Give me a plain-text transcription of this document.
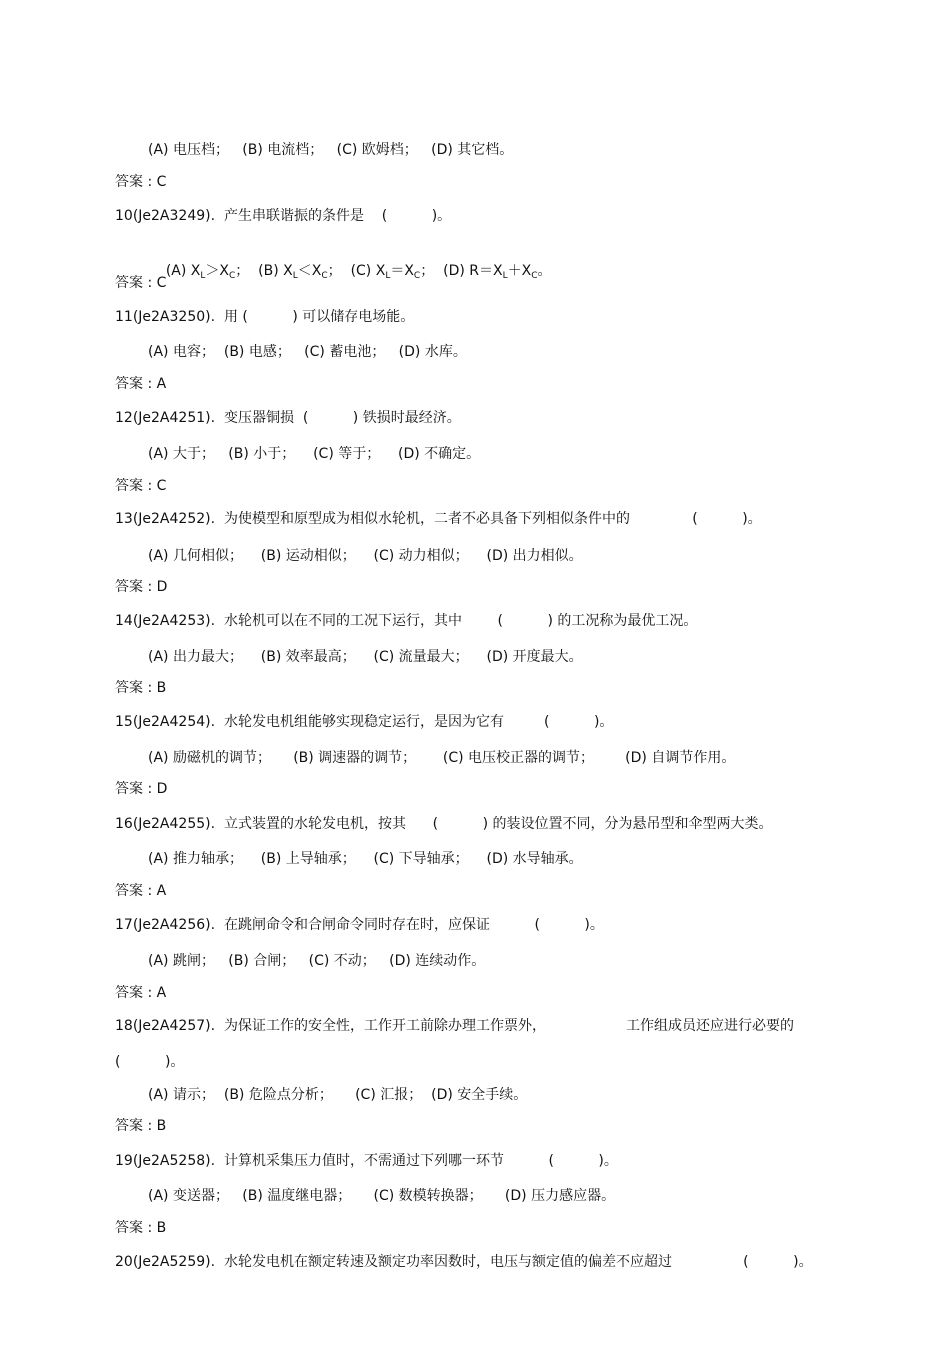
(A) 电压档；   (B) 电流档；   (C) 欧姆档；   (D) 其它档。
答案 : C
10(Je2A3249).  产生串联谐振的条件是    (          )。

(A) $X_L>X_C$；  (B) $X_L<X_C$；  (C) $X_L=X_C$；  (D) $R=X_L+X_C$。

答案 : C
11(Je2A3250).  用 (          ) 可以储存电场能。
(A) 电容；  (B) 电感；   (C) 蓄电池；   (D) 水库。
答案 : A
12(Je2A4251).  变压器铜损  (          ) 铁损时最经济。
(A) 大于；   (B) 小于；    (C) 等于；    (D) 不确定。
答案 : C
13(Je2A4252).  为使模型和原型成为相似水轮机，二者不必具备下列相似条件中的              (          )。
(A) 几何相似；    (B) 运动相似；    (C) 动力相似；    (D) 出力相似。
答案 : D
14(Je2A4253).  水轮机可以在不同的工况下运行，其中        (          ) 的工况称为最优工况。
(A) 出力最大；    (B) 效率最高；    (C) 流量最大；    (D) 开度最大。
答案 : B
15(Je2A4254).  水轮发电机组能够实现稳定运行，是因为它有         (          )。
(A) 励磁机的调节；     (B) 调速器的调节；      (C) 电压校正器的调节；       (D) 自调节作用。
答案 : D
16(Je2A4255).  立式装置的水轮发电机，按其      (          ) 的装设位置不同，分为悬吊型和伞型两大类。
(A) 推力轴承；    (B) 上导轴承；    (C) 下导轴承；    (D) 水导轴承。
答案 : A
17(Je2A4256).  在跳闸命令和合闸命令同时存在时，应保证          (          )。
(A) 跳闸；   (B) 合闸；   (C) 不动；   (D) 连续动作。
答案 : A
18(Je2A4257).  为保证工作的安全性，工作开工前除办理工作票外，                  工作组成员还应进行必要的
(          )。
(A) 请示；  (B) 危险点分析；     (C) 汇报；  (D) 安全手续。
答案 : B
19(Je2A5258).  计算机采集压力值时，不需通过下列哪一环节          (          )。
(A) 变送器；   (B) 温度继电器；     (C) 数模转换器；     (D) 压力感应器。
答案 : B
20(Je2A5259).  水轮发电机在额定转速及额定功率因数时，电压与额定值的偏差不应超过                (          )。
